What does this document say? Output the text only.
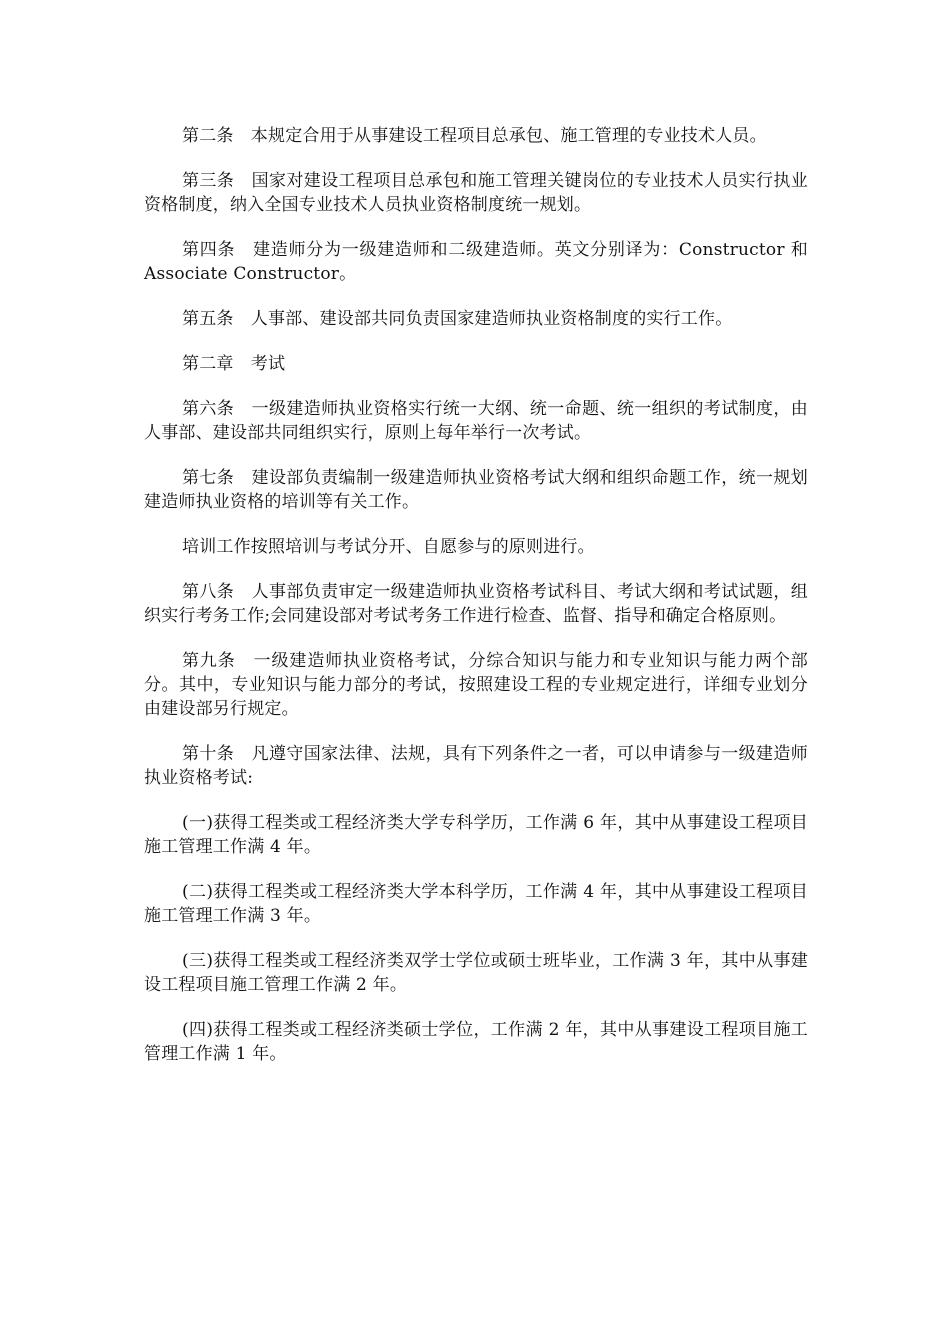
第二条　本规定合用于从事建设工程项目总承包、施工管理的专业技术人员。

第三条　国家对建设工程项目总承包和施工管理关键岗位的专业技术人员实行执业资格制度，纳入全国专业技术人员执业资格制度统一规划。

第四条　建造师分为一级建造师和二级建造师。英文分别译为：Constructor 和 Associate Constructor。

第五条　人事部、建设部共同负责国家建造师执业资格制度的实行工作。

第二章　考试

第六条　一级建造师执业资格实行统一大纲、统一命题、统一组织的考试制度，由人事部、建设部共同组织实行，原则上每年举行一次考试。

第七条　建设部负责编制一级建造师执业资格考试大纲和组织命题工作，统一规划建造师执业资格的培训等有关工作。

培训工作按照培训与考试分开、自愿参与的原则进行。

第八条　人事部负责审定一级建造师执业资格考试科目、考试大纲和考试试题，组织实行考务工作;会同建设部对考试考务工作进行检查、监督、指导和确定合格原则。

第九条　一级建造师执业资格考试，分综合知识与能力和专业知识与能力两个部分。其中，专业知识与能力部分的考试，按照建设工程的专业规定进行，详细专业划分由建设部另行规定。

第十条　凡遵守国家法律、法规，具有下列条件之一者，可以申请参与一级建造师执业资格考试:

(一)获得工程类或工程经济类大学专科学历，工作满 6 年，其中从事建设工程项目施工管理工作满 4 年。

(二)获得工程类或工程经济类大学本科学历，工作满 4 年，其中从事建设工程项目施工管理工作满 3 年。

(三)获得工程类或工程经济类双学士学位或硕士班毕业，工作满 3 年，其中从事建设工程项目施工管理工作满 2 年。

(四)获得工程类或工程经济类硕士学位，工作满 2 年，其中从事建设工程项目施工管理工作满 1 年。
